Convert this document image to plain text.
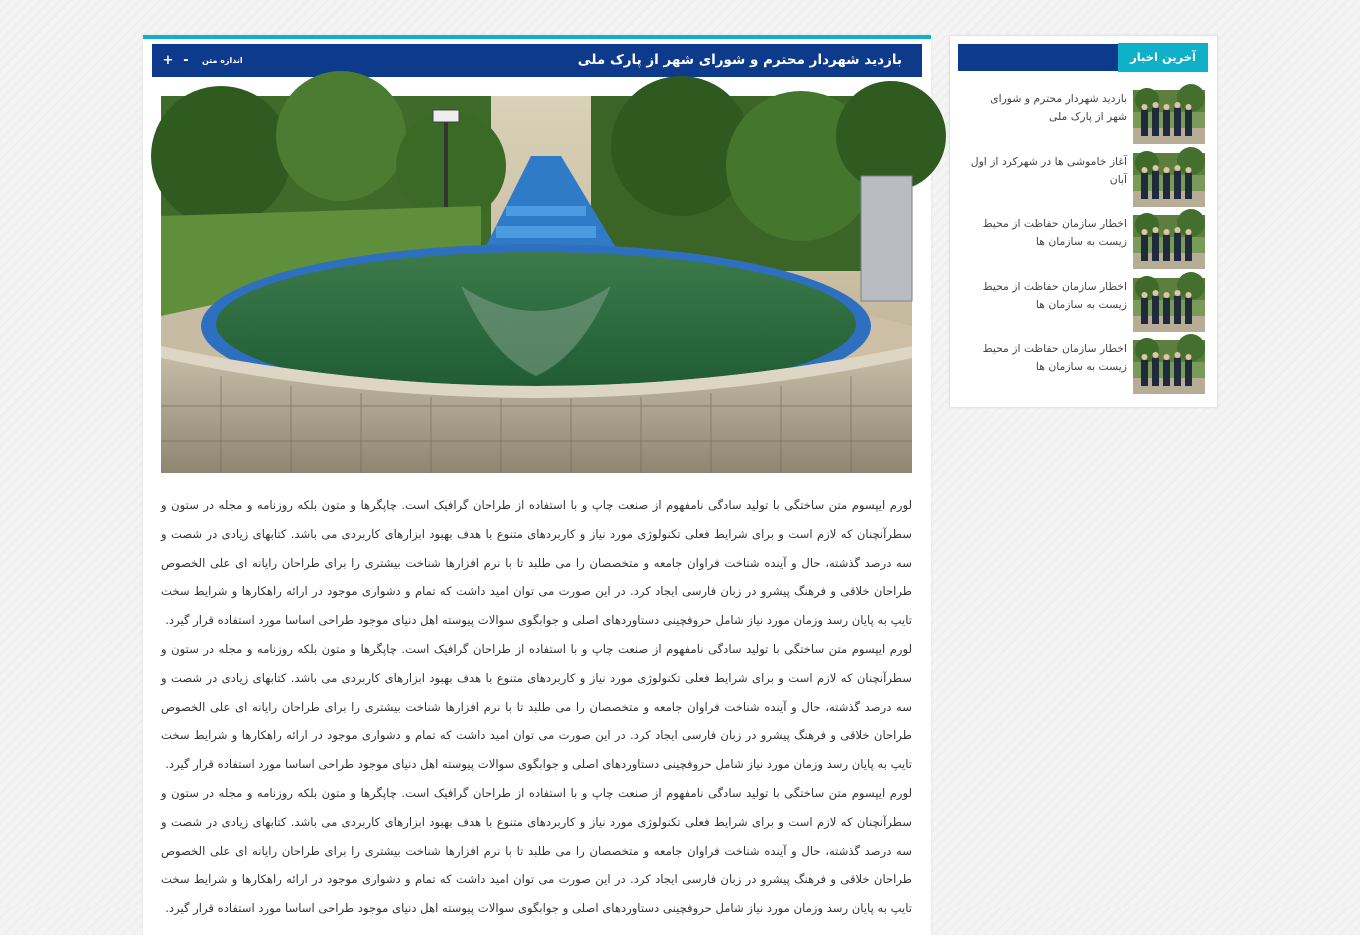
+ -	اندازه متن	بازدید شهردار محترم و شورای شهر از پارک ملی

لورم ایپسوم متن ساختگی با تولید سادگی نامفهوم از صنعت چاپ و با استفاده از طراحان گرافیک است. چاپگرها و متون بلکه روزنامه و مجله در ستون و سطرآنچنان که لازم است و برای شرایط فعلی تکنولوژی مورد نیاز و کاربردهای متنوع با هدف بهبود ابزارهای کاربردی می باشد. کتابهای زیادی در شصت و سه درصد گذشته، حال و آینده شناخت فراوان جامعه و متخصصان را می طلبد تا با نرم افزارها شناخت بیشتری را برای طراحان رایانه ای علی الخصوص طراحان خلاقی و فرهنگ پیشرو در زبان فارسی ایجاد کرد. در این صورت می توان امید داشت که تمام و دشواری موجود در ارائه راهکارها و شرایط سخت تایپ به پایان رسد وزمان مورد نیاز شامل حروفچینی دستاوردهای اصلی و جوابگوی سوالات پیوسته اهل دنیای موجود طراحی اساسا مورد استفاده قرار گیرد.

لورم ایپسوم متن ساختگی با تولید سادگی نامفهوم از صنعت چاپ و با استفاده از طراحان گرافیک است. چاپگرها و متون بلکه روزنامه و مجله در ستون و سطرآنچنان که لازم است و برای شرایط فعلی تکنولوژی مورد نیاز و کاربردهای متنوع با هدف بهبود ابزارهای کاربردی می باشد. کتابهای زیادی در شصت و سه درصد گذشته، حال و آینده شناخت فراوان جامعه و متخصصان را می طلبد تا با نرم افزارها شناخت بیشتری را برای طراحان رایانه ای علی الخصوص طراحان خلاقی و فرهنگ پیشرو در زبان فارسی ایجاد کرد. در این صورت می توان امید داشت که تمام و دشواری موجود در ارائه راهکارها و شرایط سخت تایپ به پایان رسد وزمان مورد نیاز شامل حروفچینی دستاوردهای اصلی و جوابگوی سوالات پیوسته اهل دنیای موجود طراحی اساسا مورد استفاده قرار گیرد.

لورم ایپسوم متن ساختگی با تولید سادگی نامفهوم از صنعت چاپ و با استفاده از طراحان گرافیک است. چاپگرها و متون بلکه روزنامه و مجله در ستون و سطرآنچنان که لازم است و برای شرایط فعلی تکنولوژی مورد نیاز و کاربردهای متنوع با هدف بهبود ابزارهای کاربردی می باشد. کتابهای زیادی در شصت و سه درصد گذشته، حال و آینده شناخت فراوان جامعه و متخصصان را می طلبد تا با نرم افزارها شناخت بیشتری را برای طراحان رایانه ای علی الخصوص طراحان خلاقی و فرهنگ پیشرو در زبان فارسی ایجاد کرد. در این صورت می توان امید داشت که تمام و دشواری موجود در ارائه راهکارها و شرایط سخت تایپ به پایان رسد وزمان مورد نیاز شامل حروفچینی دستاوردهای اصلی و جوابگوی سوالات پیوسته اهل دنیای موجود طراحی اساسا مورد استفاده قرار گیرد.

آخرین اخبار
بازدید شهردار محترم و شورای شهر از پارک ملی
آغاز خاموشی ها در شهرکرد از اول آبان
اخطار سازمان حفاظت از محیط زیست به سازمان ها
اخطار سازمان حفاظت از محیط زیست به سازمان ها
اخطار سازمان حفاظت از محیط زیست به سازمان ها
